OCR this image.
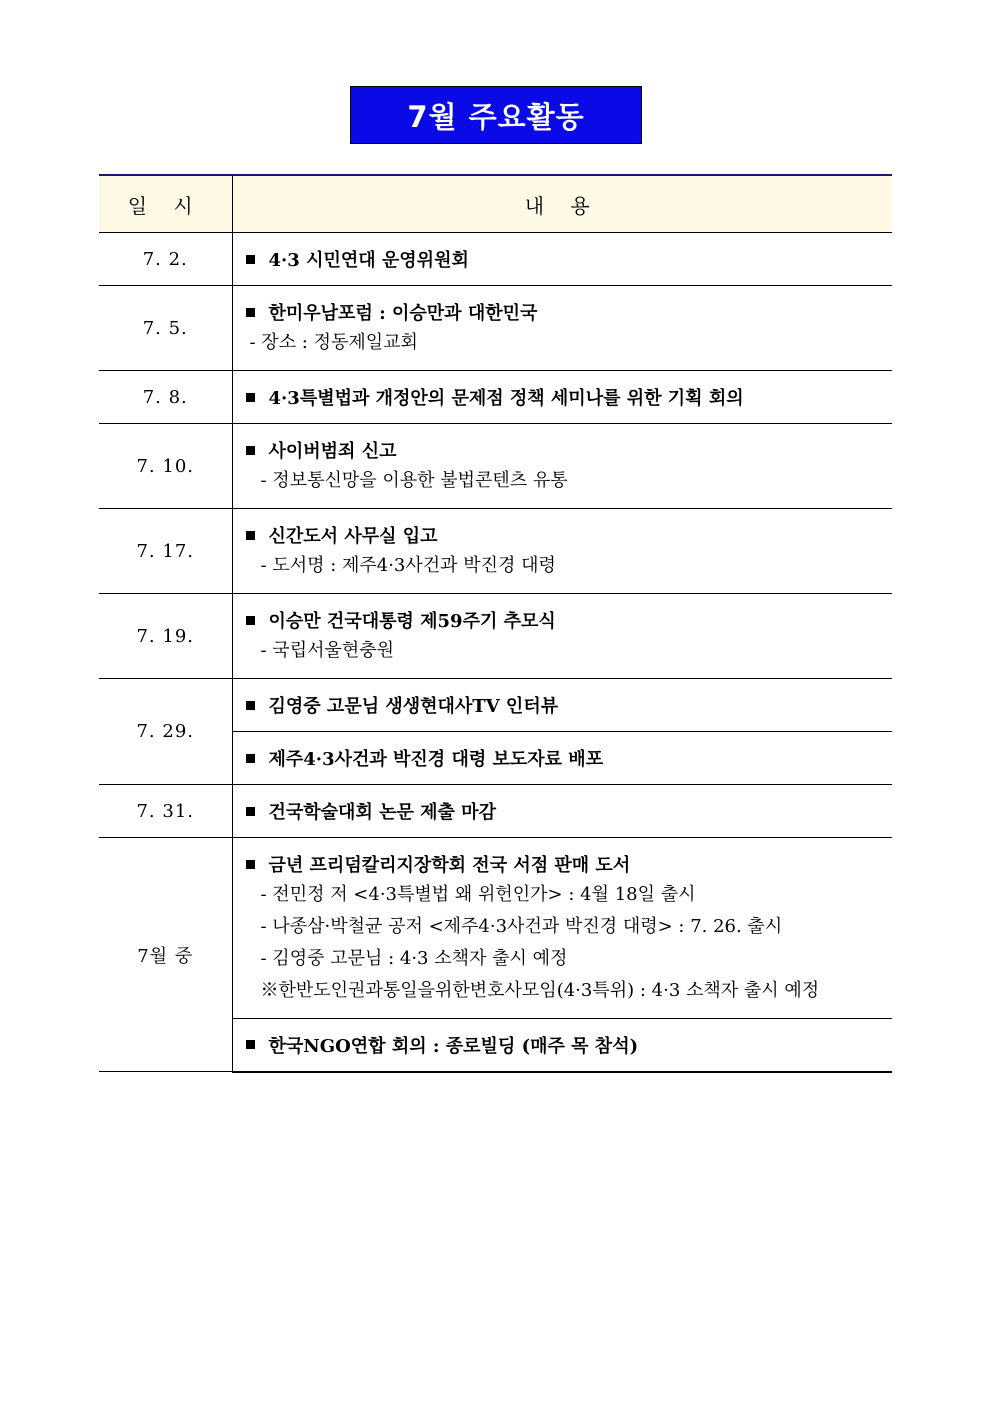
7월 주요활동
일 시	내 용
7. 2.	4·3 시민연대 운영위원회

7. 5.	한미우남포럼 : 이승만과 대한민국
- 장소 : 정동제일교회

7. 8.	4·3특별법과 개정안의 문제점 정책 세미나를 위한 기획 회의

7. 10.	사이버범죄 신고
- 정보통신망을 이용한 불법콘텐츠 유통

7. 17.	신간도서 사무실 입고
- 도서명 : 제주4·3사건과 박진경 대령

7. 19.	이승만 건국대통령 제59주기 추모식
- 국립서울현충원

7. 29.	김영중 고문님 생생현대사TV 인터뷰

	제주4·3사건과 박진경 대령 보도자료 배포

7. 31.	건국학술대회 논문 제출 마감

7월 중	금년 프리덤칼리지장학회 전국 서점 판매 도서
- 전민정 저 <4·3특별법 왜 위헌인가> : 4월 18일 출시
- 나종삼·박철균 공저 <제주4·3사건과 박진경 대령> : 7. 26. 출시
- 김영중 고문님 : 4·3 소책자 출시 예정
※한반도인권과통일을위한변호사모임(4·3특위) : 4·3 소책자 출시 예정

	한국NGO연합 회의 : 종로빌딩 (매주 목 참석)
